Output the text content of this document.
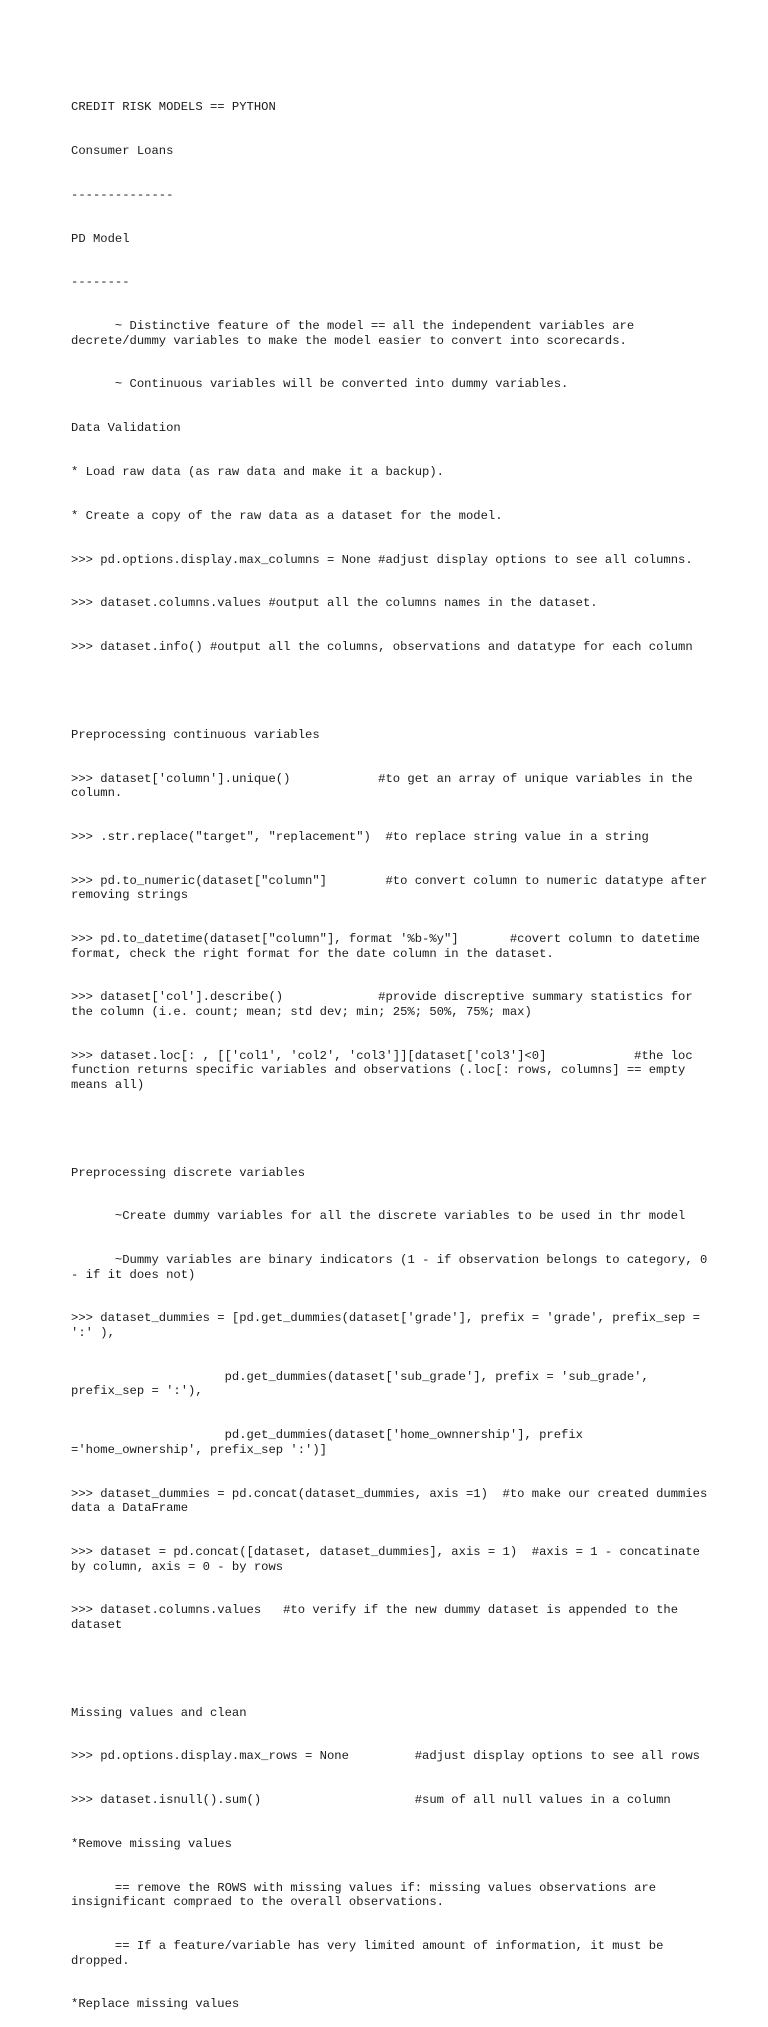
CREDIT RISK MODELS == PYTHON

Consumer Loans

--------------

PD Model

--------

~ Distinctive feature of the model == all the independent variables are decrete/dummy variables to make the model easier to convert into scorecards.

~ Continuous variables will be converted into dummy variables.

Data Validation

* Load raw data (as raw data and make it a backup).

* Create a copy of the raw data as a dataset for the model.

>>> pd.options.display.max_columns = None #adjust display options to see all columns.

>>> dataset.columns.values #output all the columns names in the dataset.

>>> dataset.info() #output all the columns, observations and datatype for each column

Preprocessing continuous variables

>>> dataset['column'].unique()            #to get an array of unique variables in the column.

>>> .str.replace("target", "replacement")  #to replace string value in a string

>>> pd.to_numeric(dataset["column"]        #to convert column to numeric datatype after removing strings

>>> pd.to_datetime(dataset["column"], format '%b-%y"]       #covert column to datetime format, check the right format for the date column in the dataset.

>>> dataset['col'].describe()             #provide discreptive summary statistics for the column (i.e. count; mean; std dev; min; 25%; 50%, 75%; max)

>>> dataset.loc[: , [['col1', 'col2', 'col3']][dataset['col3']<0]            #the loc function returns specific variables and observations (.loc[: rows, columns] == empty means all)

Preprocessing discrete variables

~Create dummy variables for all the discrete variables to be used in thr model

~Dummy variables are binary indicators (1 - if observation belongs to category, 0 - if it does not)

>>> dataset_dummies = [pd.get_dummies(dataset['grade'], prefix = 'grade', prefix_sep = ':' ),

pd.get_dummies(dataset['sub_grade'], prefix = 'sub_grade', prefix_sep = ':'),

pd.get_dummies(dataset['home_ownnership'], prefix ='home_ownership', prefix_sep ':')]

>>> dataset_dummies = pd.concat(dataset_dummies, axis =1)  #to make our created dummies data a DataFrame

>>> dataset = pd.concat([dataset, dataset_dummies], axis = 1)  #axis = 1 - concatinate by column, axis = 0 - by rows

>>> dataset.columns.values   #to verify if the new dummy dataset is appended to the dataset

Missing values and clean

>>> pd.options.display.max_rows = None         #adjust display options to see all rows

>>> dataset.isnull().sum()                     #sum of all null values in a column

*Remove missing values

== remove the ROWS with missing values if: missing values observations are insignificant compraed to the overall observations.

== If a feature/variable has very limited amount of information, it must be dropped.

*Replace missing values
